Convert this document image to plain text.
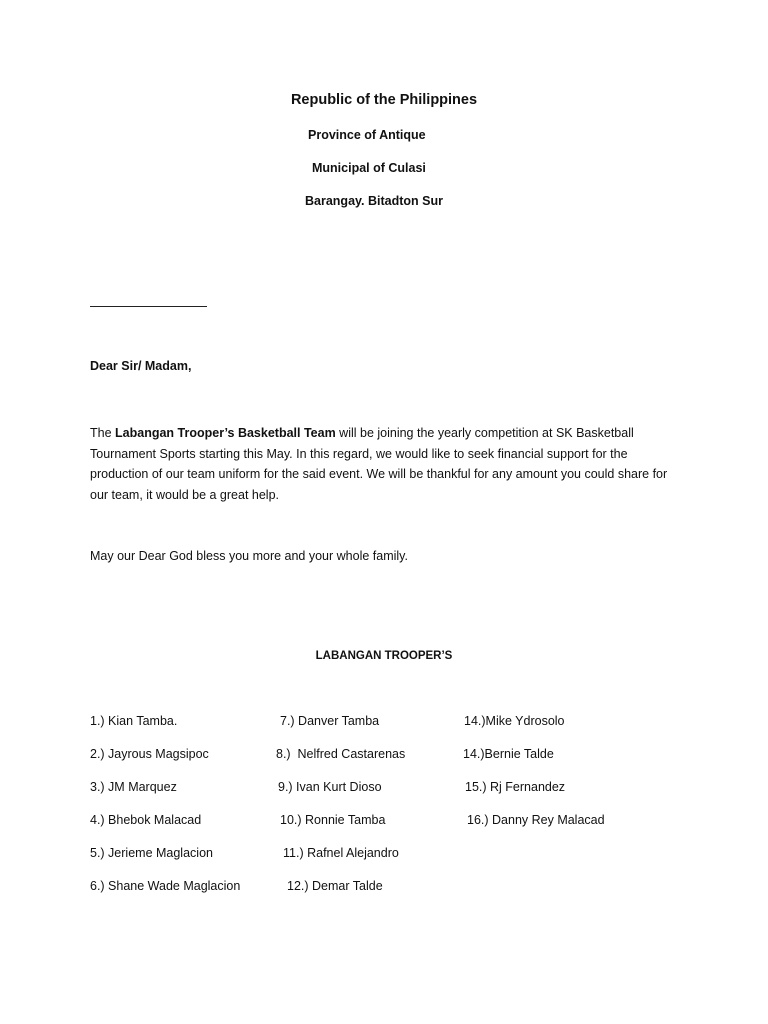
Republic of the Philippines
Province of Antique
Municipal of Culasi
Barangay. Bitadton Sur
Dear Sir/ Madam,
The Labangan Trooper’s Basketball Team will be joining the yearly competition at SK Basketball Tournament Sports starting this May. In this regard, we would like to seek financial support for the production of our team uniform for the said event. We will be thankful for any amount you could share for our team, it would be a great help.
May our Dear God bless you more and your whole family.
LABANGAN TROOPER’S
1.) Kian Tamba.
2.) Jayrous Magsipoc
3.) JM Marquez
4.) Bhebok Malacad
5.) Jerieme Maglacion
6.) Shane Wade Maglacion
7.) Danver Tamba
8.)  Nelfred Castarenas
9.) Ivan Kurt Dioso
10.) Ronnie Tamba
11.) Rafnel Alejandro
12.) Demar Talde
14.)Mike Ydrosolo
14.)Bernie Talde
15.) Rj Fernandez
16.) Danny Rey Malacad
